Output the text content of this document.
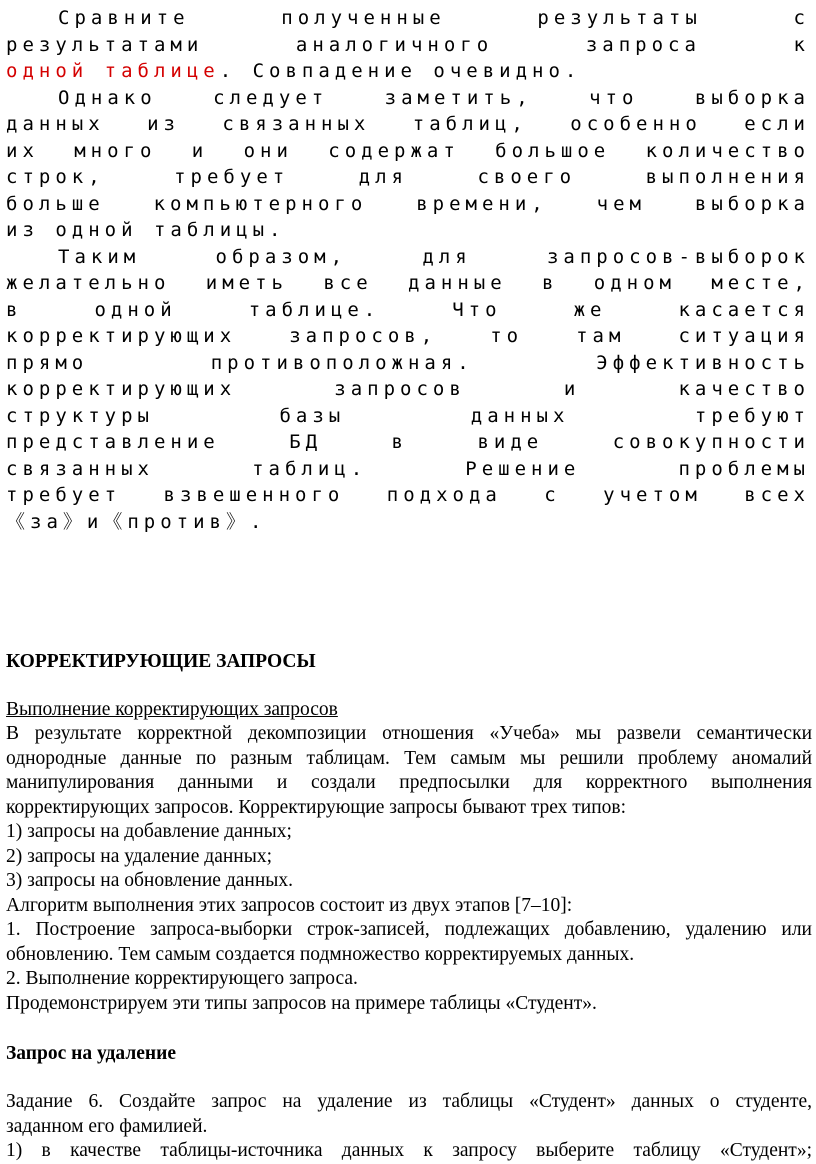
Сравните полученные результаты с
результатами аналогичного запроса к
одной таблице. Совпадение очевидно.
Однако следует заметить, что выборка
данных из связанных таблиц, особенно если
их много и они содержат большое количество
строк, требует для своего выполнения
больше компьютерного времени, чем выборка
из одной таблицы.
Таким образом, для запросов-выборок
желательно иметь все данные в одном месте,
в одной таблице. Что же касается
корректирующих запросов, то там ситуация
прямо противоположная. Эффективность
корректирующих запросов и качество
структуры базы данных требуют
представление БД в виде совокупности
связанных таблиц. Решение проблемы
требует взвешенного подхода с учетом всех
《за》и《против》.
КОРРЕКТИРУЮЩИЕ ЗАПРОСЫ

Выполнение корректирующих запросов

В результате корректной декомпозиции отношения «Учеба» мы развели семантически

однородные данные по разным таблицам. Тем самым мы решили проблему аномалий

манипулирования данными и создали предпосылки для корректного выполнения

корректирующих запросов. Корректирующие запросы бывают трех типов:

1) запросы на добавление данных;

2) запросы на удаление данных;

3) запросы на обновление данных.

Алгоритм выполнения этих запросов состоит из двух этапов [7–10]:

1. Построение запроса-выборки строк-записей, подлежащих добавлению, удалению или

обновлению. Тем самым создается подмножество корректируемых данных.

2. Выполнение корректирующего запроса.

Продемонстрируем эти типы запросов на примере таблицы «Студент».

Запрос на удаление

Задание 6. Создайте запрос на удаление из таблицы «Студент» данных о студенте,

заданном его фамилией.

1) в качестве таблицы-источника данных к запросу выберите таблицу «Студент»;
